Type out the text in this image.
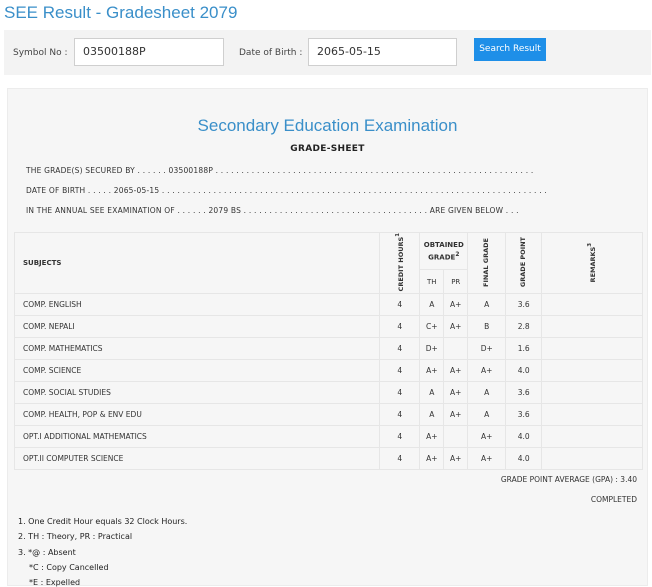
SEE Result - Gradesheet 2079
Symbol No :	03500188P	Date of Birth :	2065-05-15	Search Result
Secondary Education Examination
GRADE-SHEET
THE GRADE(S) SECURED BY . . . . . . 03500188P . . . . . . . . . . . . . . . . . . . . . . . . . . . . . . . . . . . . . . . . . . . . . . . . . . . . . . . . . . . . . .
DATE OF BIRTH . . . . . 2065-05-15 . . . . . . . . . . . . . . . . . . . . . . . . . . . . . . . . . . . . . . . . . . . . . . . . . . . . . . . . . . . . . . . . . . . . . . . . . . .
IN THE ANNUAL SEE EXAMINATION OF . . . . . . 2079 BS . . . . . . . . . . . . . . . . . . . . . . . . . . . . . . . . . . . . ARE GIVEN BELOW . . .
SUBJECTS	CREDIT HOURS$^1$	OBTAINED GRADE$^2$		FINAL GRADE	GRADE POINT	REMARKS$^3$
		TH	PR			
COMP. ENGLISH	4	A	A+	A	3.6	
COMP. NEPALI	4	C+	A+	B	2.8	
COMP. MATHEMATICS	4	D+		D+	1.6	
COMP. SCIENCE	4	A+	A+	A+	4.0	
COMP. SOCIAL STUDIES	4	A	A+	A	3.6	
COMP. HEALTH, POP & ENV EDU	4	A	A+	A	3.6	
OPT.I ADDITIONAL MATHEMATICS	4	A+		A+	4.0	
OPT.II COMPUTER SCIENCE	4	A+	A+	A+	4.0	
GRADE POINT AVERAGE (GPA) : 3.40
COMPLETED
1. One Credit Hour equals 32 Clock Hours.
2. TH : Theory, PR : Practical
3. *@ : Absent
*C : Copy Cancelled
*E : Expelled
